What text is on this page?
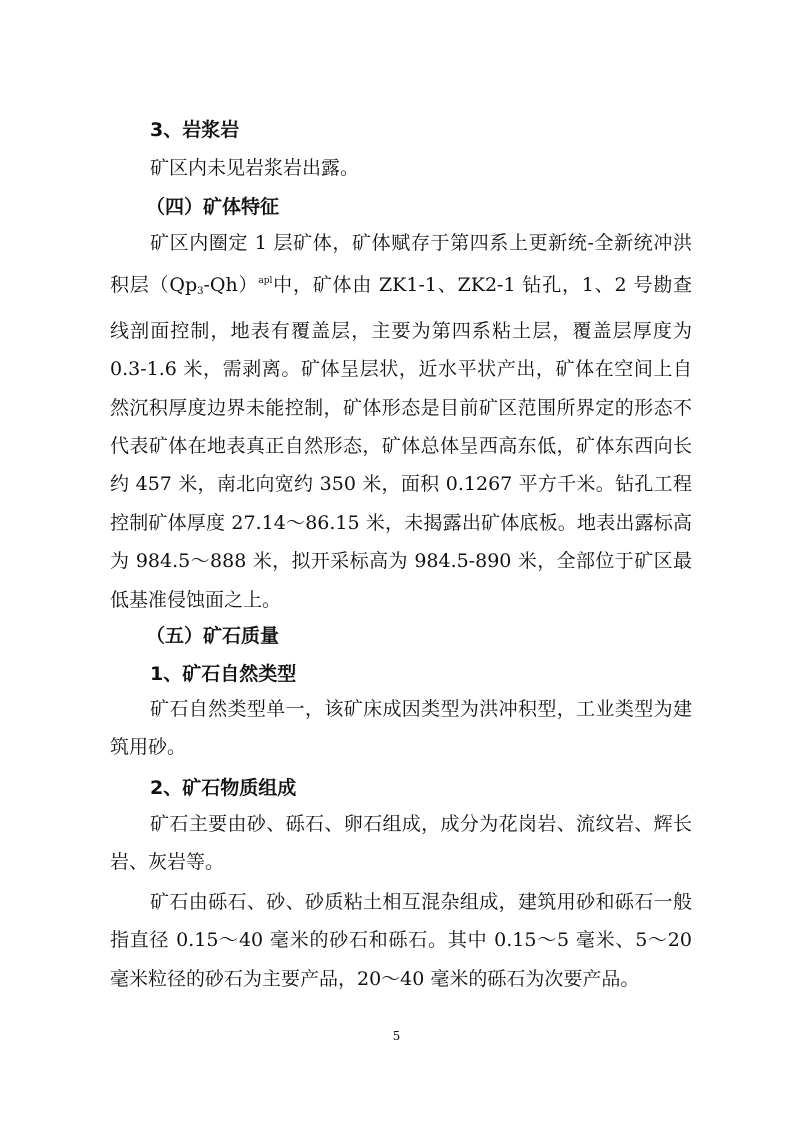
3、岩浆岩

矿区内未见岩浆岩出露。

（四）矿体特征

矿区内圈定 1 层矿体，矿体赋存于第四系上更新统-全新统冲洪积层$(Qp_3-Qh)^{apl}$中，矿体由 ZK1-1、ZK2-1 钻孔，1、2 号勘查线剖面控制，地表有覆盖层，主要为第四系粘土层，覆盖层厚度为 0.3-1.6 米，需剥离。矿体呈层状，近水平状产出，矿体在空间上自然沉积厚度边界未能控制，矿体形态是目前矿区范围所界定的形态不代表矿体在地表真正自然形态，矿体总体呈西高东低，矿体东西向长约 457 米，南北向宽约 350 米，面积 0.1267 平方千米。钻孔工程控制矿体厚度 27.14～86.15 米，未揭露出矿体底板。地表出露标高为 984.5～888 米，拟开采标高为 984.5-890 米，全部位于矿区最低基准侵蚀面之上。

（五）矿石质量
1、矿石自然类型

矿石自然类型单一，该矿床成因类型为洪冲积型，工业类型为建筑用砂。

2、矿石物质组成

矿石主要由砂、砾石、卵石组成，成分为花岗岩、流纹岩、辉长岩、灰岩等。

矿石由砾石、砂、砂质粘土相互混杂组成，建筑用砂和砾石一般指直径 0.15～40 毫米的砂石和砾石。其中 0.15～5 毫米、5～20 毫米粒径的砂石为主要产品，20～40 毫米的砾石为次要产品。

5
